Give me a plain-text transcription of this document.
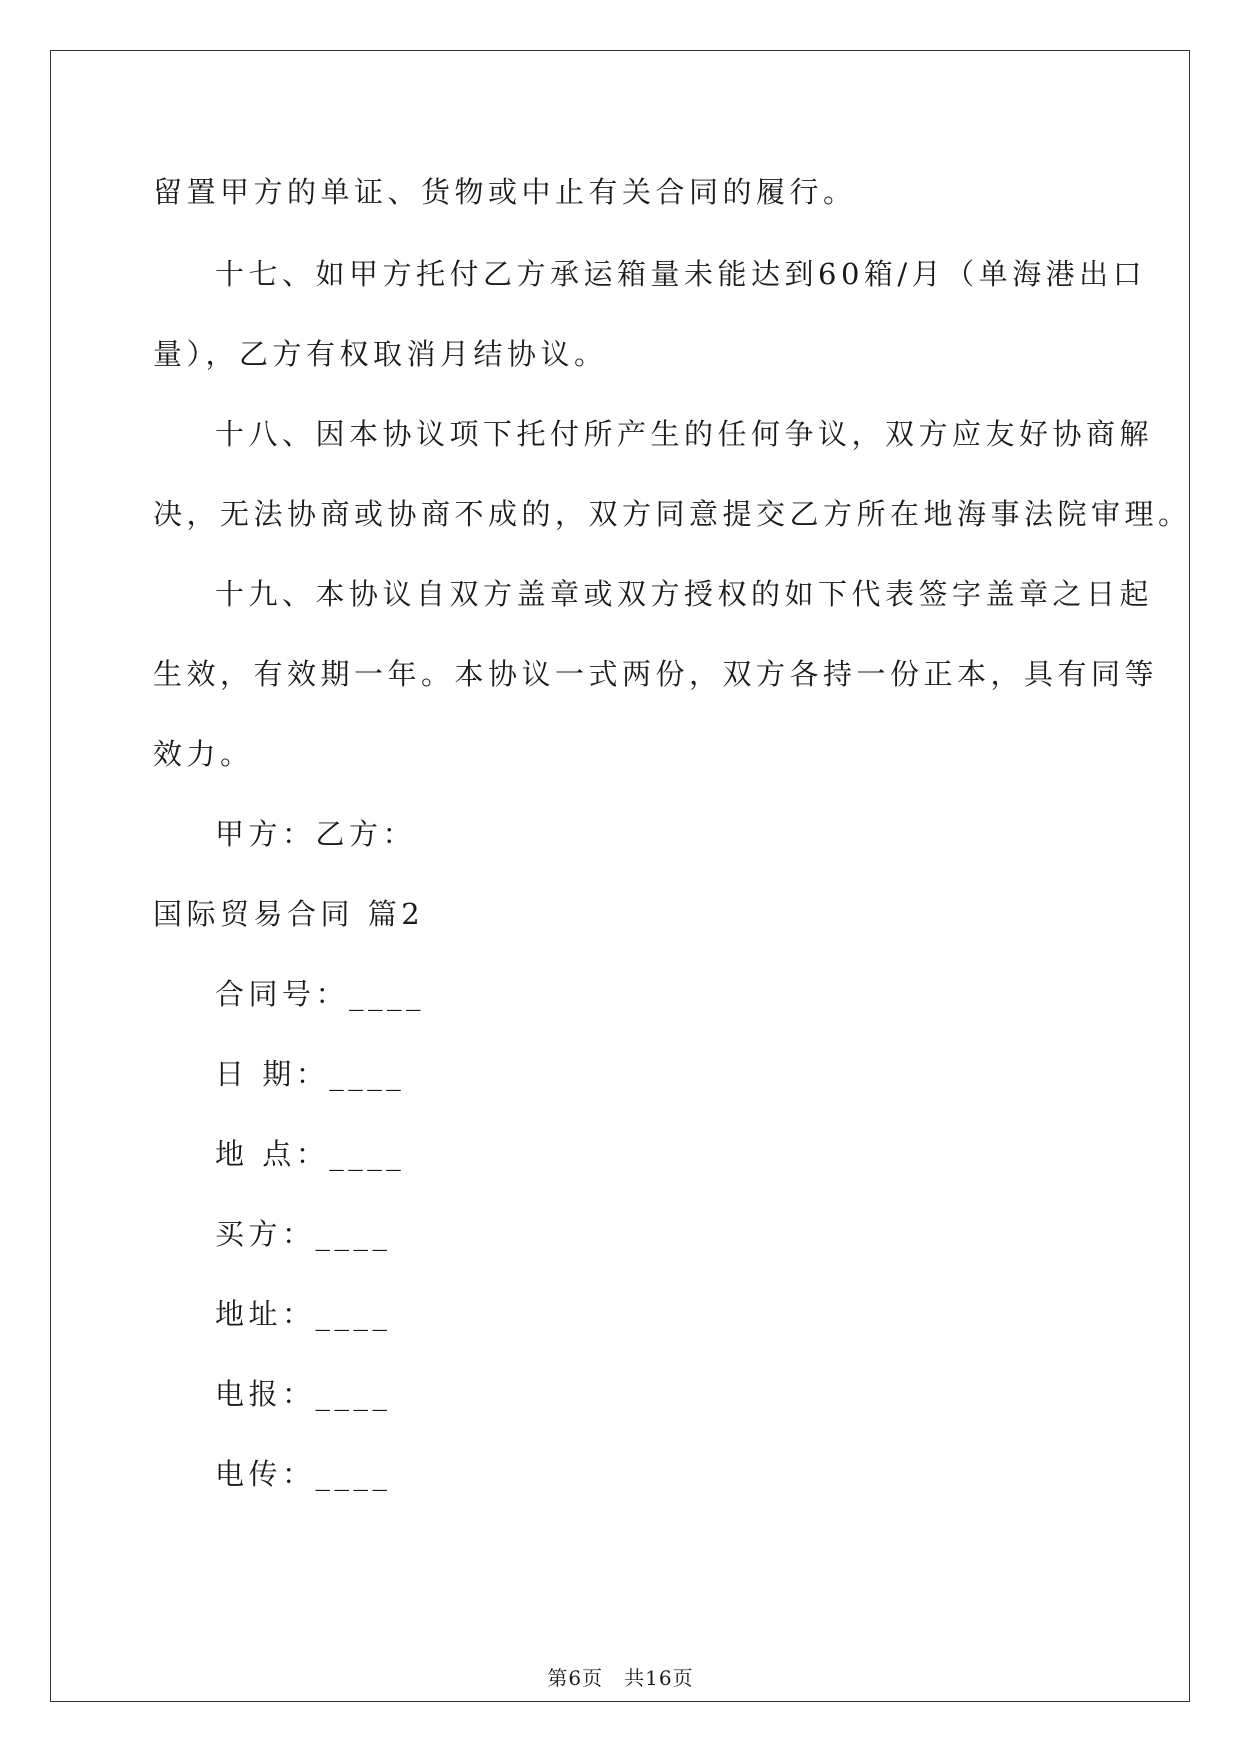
留置甲方的单证、货物或中止有关合同的履行。
十七、如甲方托付乙方承运箱量未能达到60箱/月（单海港出口
量），乙方有权取消月结协议。
十八、因本协议项下托付所产生的任何争议，双方应友好协商解
决，无法协商或协商不成的，双方同意提交乙方所在地海事法院审理。
十九、本协议自双方盖章或双方授权的如下代表签字盖章之日起
生效，有效期一年。本协议一式两份，双方各持一份正本，具有同等
效力。
甲方：乙方：
国际贸易合同 篇2
合同号：____
日 期：____
地 点：____
买方：____
地址：____
电报：____
电传：____
第6页　共16页
